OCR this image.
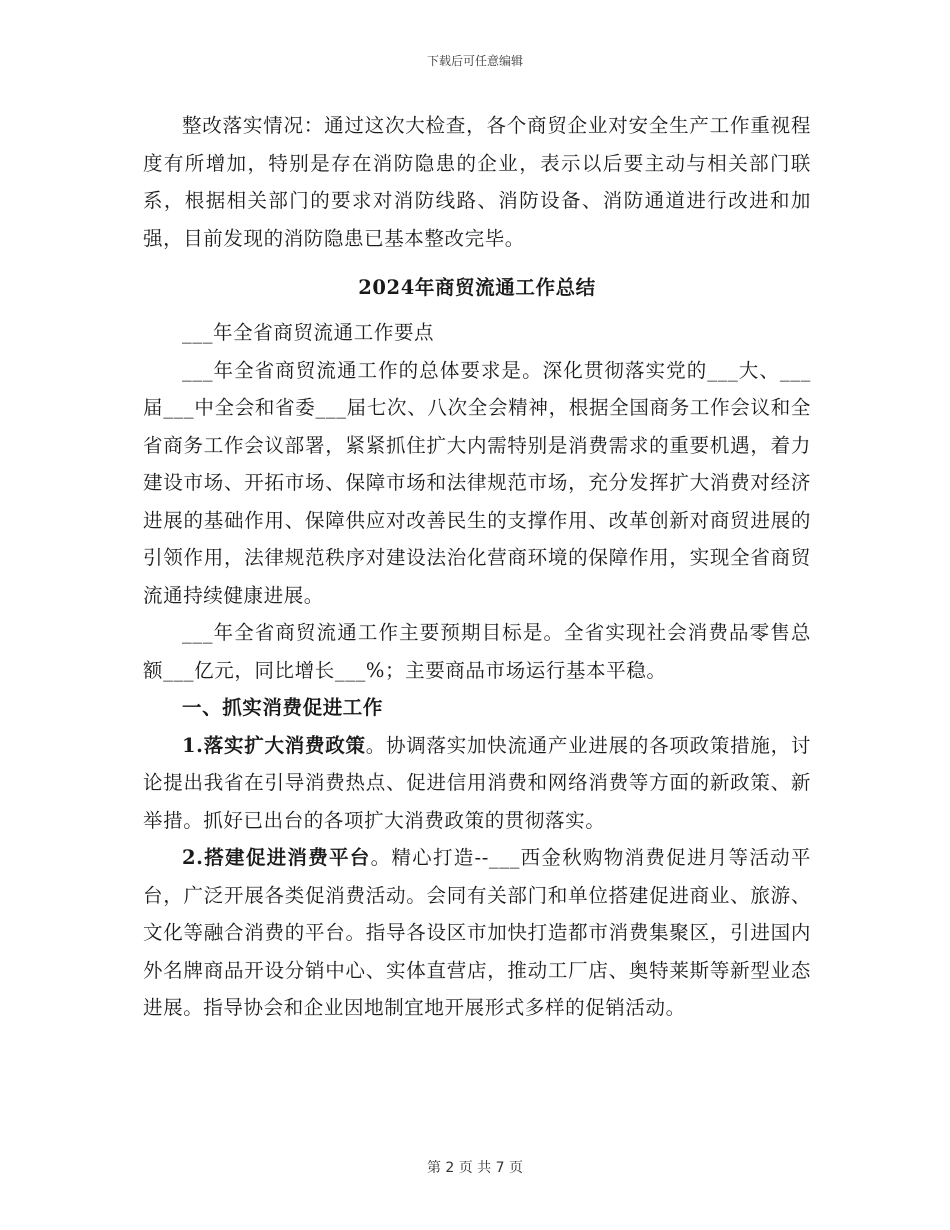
下载后可任意编辑

整改落实情况：通过这次大检查，各个商贸企业对安全生产工作重视程度有所增加，特别是存在消防隐患的企业，表示以后要主动与相关部门联系，根据相关部门的要求对消防线路、消防设备、消防通道进行改进和加强，目前发现的消防隐患已基本整改完毕。

2024年商贸流通工作总结

___年全省商贸流通工作要点

___年全省商贸流通工作的总体要求是。深化贯彻落实党的___大、___届___中全会和省委___届七次、八次全会精神，根据全国商务工作会议和全省商务工作会议部署，紧紧抓住扩大内需特别是消费需求的重要机遇，着力建设市场、开拓市场、保障市场和法律规范市场，充分发挥扩大消费对经济进展的基础作用、保障供应对改善民生的支撑作用、改革创新对商贸进展的引领作用，法律规范秩序对建设法治化营商环境的保障作用，实现全省商贸流通持续健康进展。

___年全省商贸流通工作主要预期目标是。全省实现社会消费品零售总额___亿元，同比增长___%；主要商品市场运行基本平稳。

一、抓实消费促进工作

1.落实扩大消费政策。协调落实加快流通产业进展的各项政策措施，讨论提出我省在引导消费热点、促进信用消费和网络消费等方面的新政策、新举措。抓好已出台的各项扩大消费政策的贯彻落实。

2.搭建促进消费平台。精心打造--___西金秋购物消费促进月等活动平台，广泛开展各类促消费活动。会同有关部门和单位搭建促进商业、旅游、文化等融合消费的平台。指导各设区市加快打造都市消费集聚区，引进国内外名牌商品开设分销中心、实体直营店，推动工厂店、奥特莱斯等新型业态进展。指导协会和企业因地制宜地开展形式多样的促销活动。

第 2 页 共 7 页
